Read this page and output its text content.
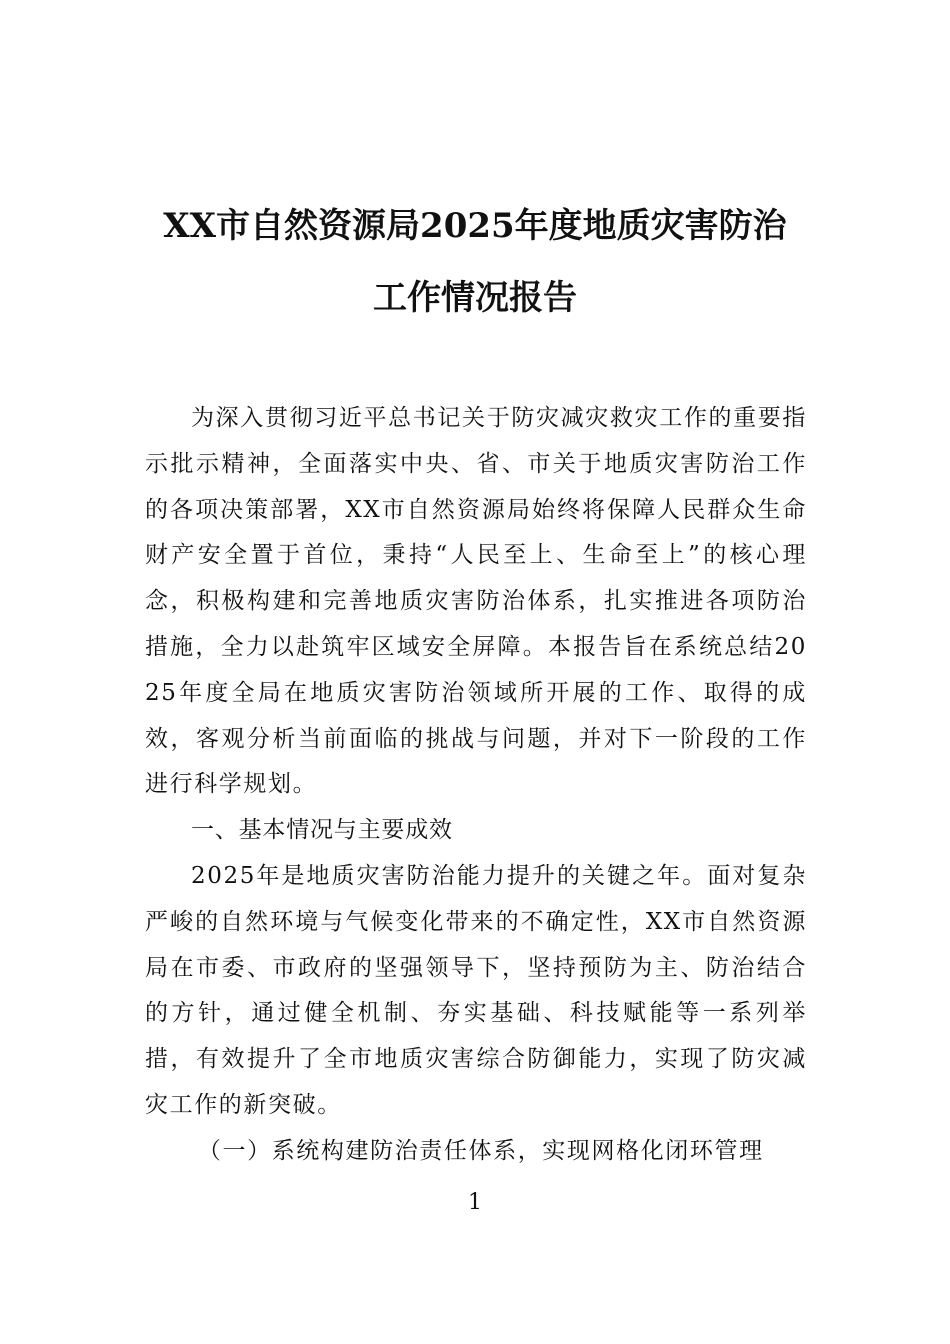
XX市自然资源局2025年度地质灾害防治
工作情况报告

为深入贯彻习近平总书记关于防灾减灾救灾工作的重要指示批示精神，全面落实中央、省、市关于地质灾害防治工作的各项决策部署，XX市自然资源局始终将保障人民群众生命财产安全置于首位，秉持“人民至上、生命至上”的核心理念，积极构建和完善地质灾害防治体系，扎实推进各项防治措施，全力以赴筑牢区域安全屏障。本报告旨在系统总结2025年度全局在地质灾害防治领域所开展的工作、取得的成效，客观分析当前面临的挑战与问题，并对下一阶段的工作进行科学规划。

一、基本情况与主要成效

2025年是地质灾害防治能力提升的关键之年。面对复杂严峻的自然环境与气候变化带来的不确定性，XX市自然资源局在市委、市政府的坚强领导下，坚持预防为主、防治结合的方针，通过健全机制、夯实基础、科技赋能等一系列举措，有效提升了全市地质灾害综合防御能力，实现了防灾减灾工作的新突破。

（一）系统构建防治责任体系，实现网格化闭环管理

1
